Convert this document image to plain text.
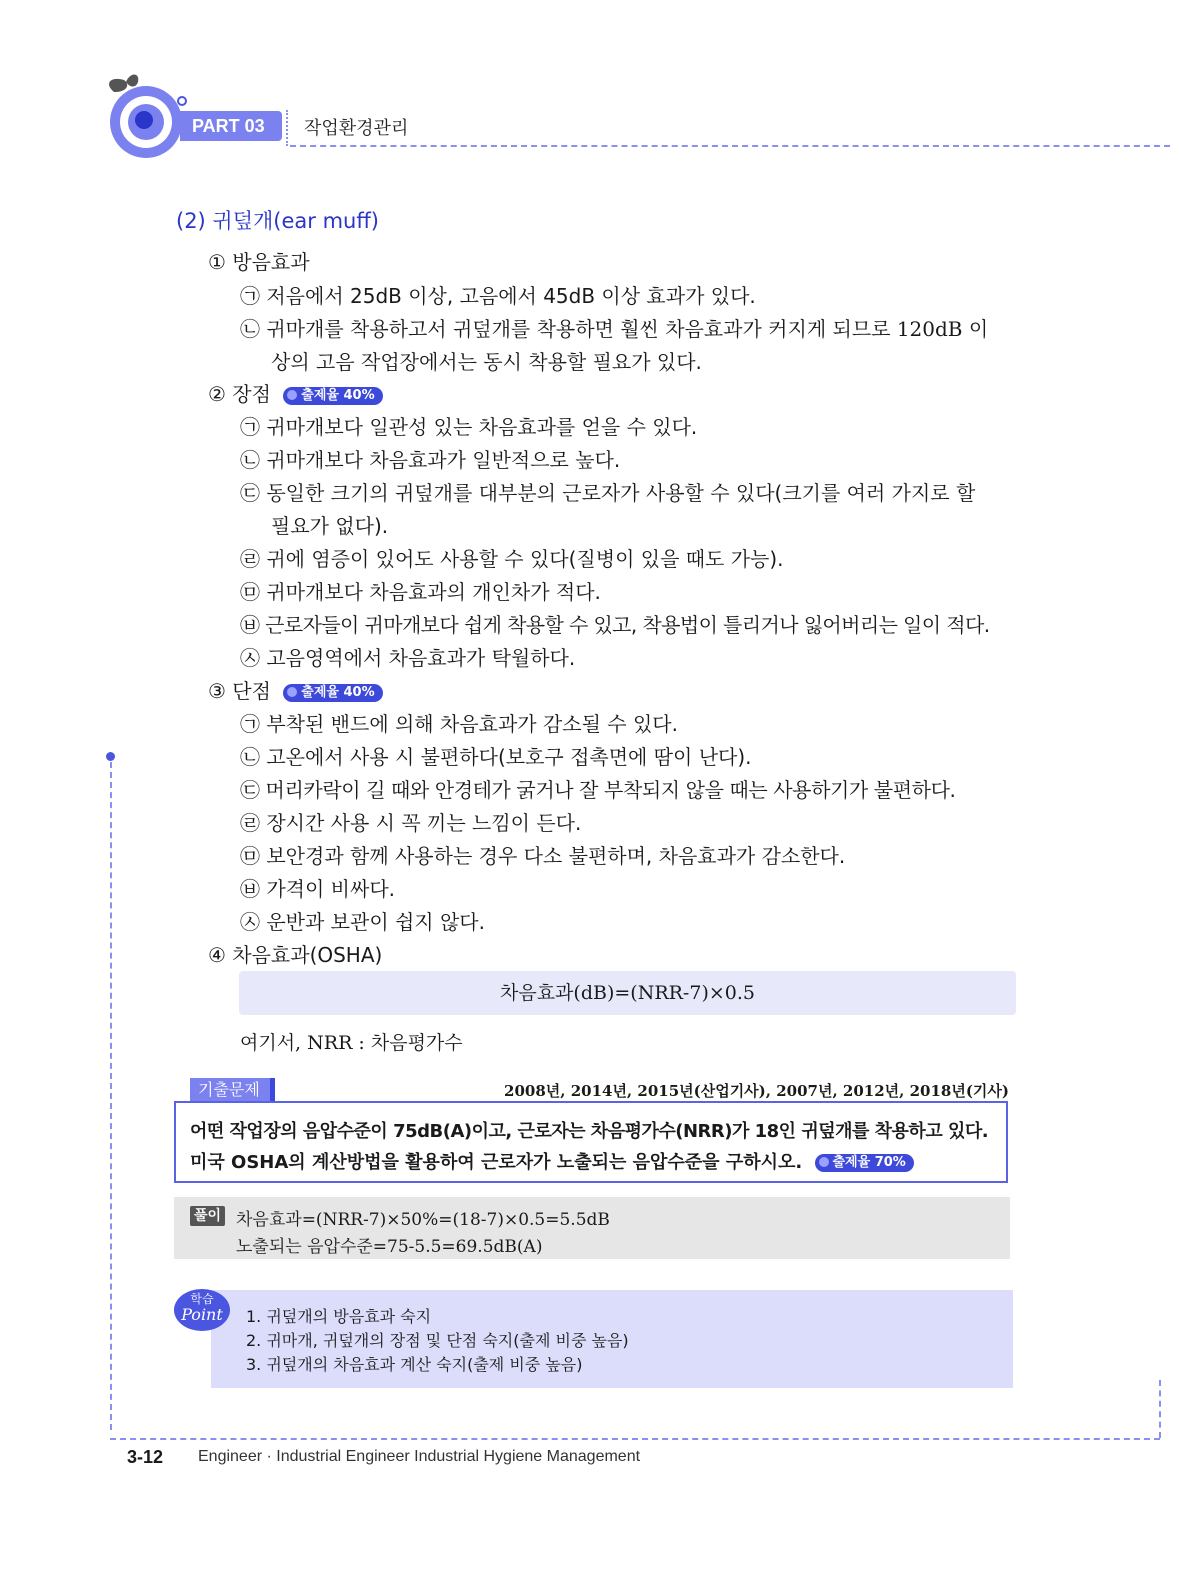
PART 03	작업환경관리
(2) 귀덮개(ear muff)
① 방음효과
㉠ 저음에서 25dB 이상, 고음에서 45dB 이상 효과가 있다.
㉡ 귀마개를 착용하고서 귀덮개를 착용하면 훨씬 차음효과가 커지게 되므로 120dB 이
상의 고음 작업장에서는 동시 착용할 필요가 있다.
② 장점 출제율 40%
㉠ 귀마개보다 일관성 있는 차음효과를 얻을 수 있다.
㉡ 귀마개보다 차음효과가 일반적으로 높다.
㉢ 동일한 크기의 귀덮개를 대부분의 근로자가 사용할 수 있다(크기를 여러 가지로 할
필요가 없다).
㉣ 귀에 염증이 있어도 사용할 수 있다(질병이 있을 때도 가능).
㉤ 귀마개보다 차음효과의 개인차가 적다.
㉥ 근로자들이 귀마개보다 쉽게 착용할 수 있고, 착용법이 틀리거나 잃어버리는 일이 적다.
㉦ 고음영역에서 차음효과가 탁월하다.
③ 단점 출제율 40%
㉠ 부착된 밴드에 의해 차음효과가 감소될 수 있다.
㉡ 고온에서 사용 시 불편하다(보호구 접촉면에 땀이 난다).
㉢ 머리카락이 길 때와 안경테가 굵거나 잘 부착되지 않을 때는 사용하기가 불편하다.
㉣ 장시간 사용 시 꼭 끼는 느낌이 든다.
㉤ 보안경과 함께 사용하는 경우 다소 불편하며, 차음효과가 감소한다.
㉥ 가격이 비싸다.
㉦ 운반과 보관이 쉽지 않다.
④ 차음효과(OSHA)
차음효과(dB)=(NRR-7)×0.5
여기서, NRR : 차음평가수
기출문제	2008년, 2014년, 2015년(산업기사), 2007년, 2012년, 2018년(기사)
어떤 작업장의 음압수준이 75dB(A)이고, 근로자는 차음평가수(NRR)가 18인 귀덮개를 착용하고 있다.
미국 OSHA의 계산방법을 활용하여 근로자가 노출되는 음압수준을 구하시오. 출제율 70%
풀이 차음효과=(NRR-7)×50%=(18-7)×0.5=5.5dB
노출되는 음압수준=75-5.5=69.5dB(A)
학습
Point	1. 귀덮개의 방음효과 숙지
2. 귀마개, 귀덮개의 장점 및 단점 숙지(출제 비중 높음)
3. 귀덮개의 차음효과 계산 숙지(출제 비중 높음)
3-12 Engineer · Industrial Engineer Industrial Hygiene Management
